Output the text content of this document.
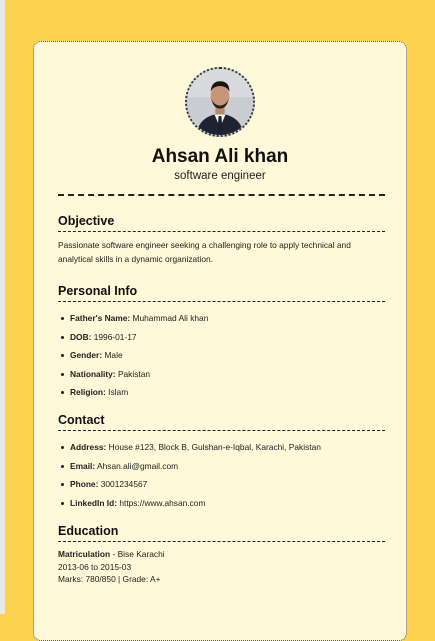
Ahsan Ali khan
software engineer
Objective

Passionate software engineer seeking a challenging role to apply technical and analytical skills in a dynamic organization.

Personal Info
Father's Name: Muhammad Ali khan
DOB: 1996-01-17
Gender: Male
Nationality: Pakistan
Religion: Islam
Contact
Address: House #123, Block B, Gulshan-e-Iqbal, Karachi, Pakistan
Email: Ahsan.ali@gmail.com
Phone: 3001234567
LinkedIn Id: https://www.ahsan.com
Education
Matriculation - Bise Karachi
2013-06 to 2015-03
Marks: 780/850 | Grade: A+
